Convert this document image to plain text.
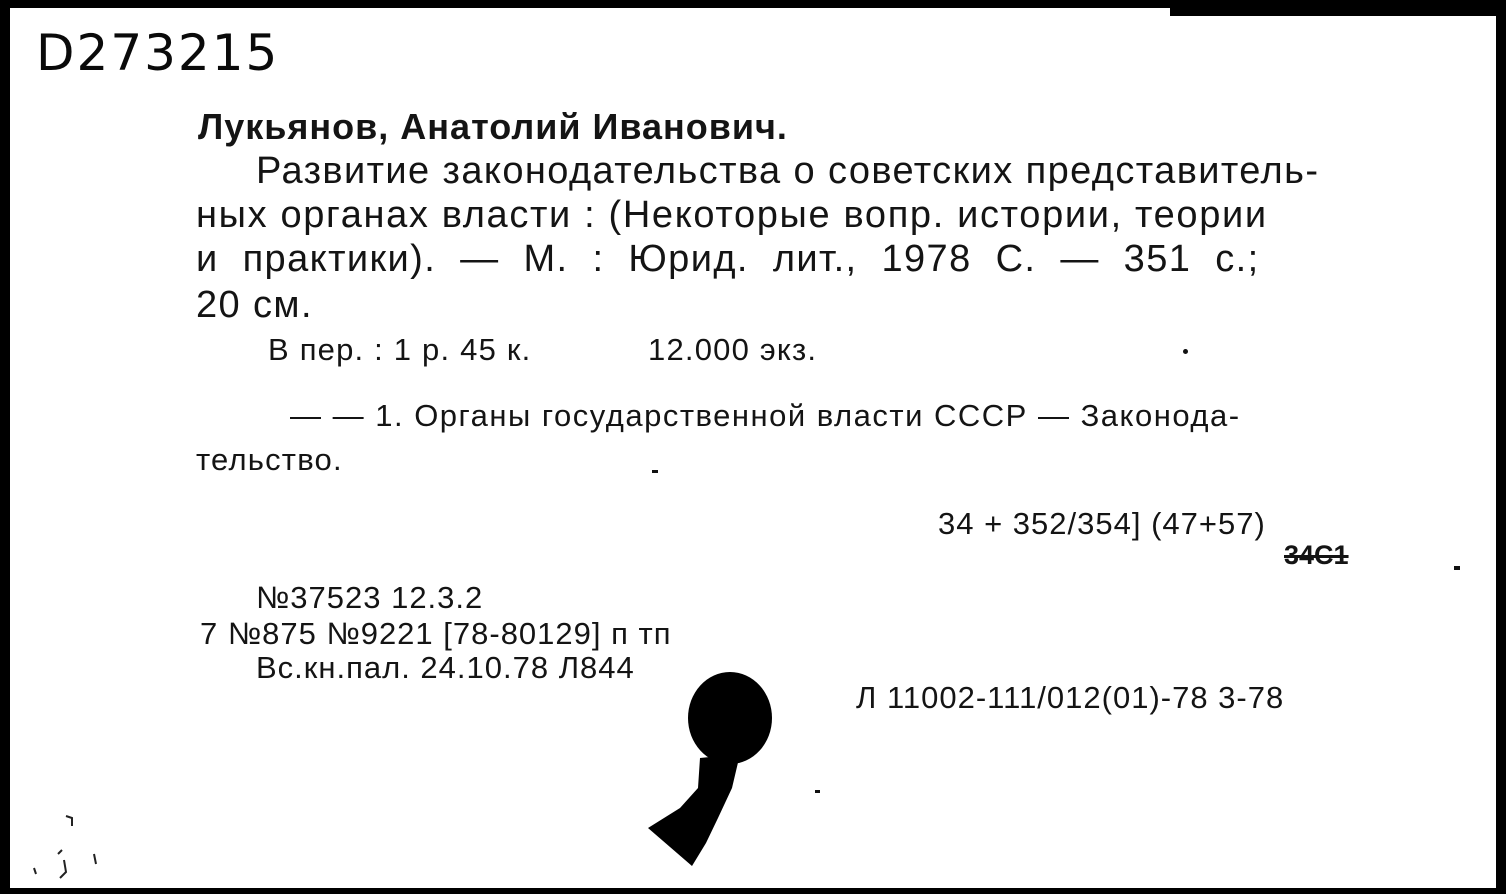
D273215
Лукьянов, Анатолий Иванович.
Развитие законодательства о советских представитель-
ных органах власти : (Некоторые вопр. истории, теории
и практики). — М. : Юрид. лит., 1978 С. — 351 с.;
20 см.
В пер. : 1 р. 45 к.	12.000 экз.
— — 1. Органы государственной власти СССР — Законода-
тельство.
34 + 352/354] (47+57)
34С1
№37523 12.3.2
7 №875 №9221 [78-80129] п тп
Вс.кн.пал. 24.10.78 Л844
Л 11002-111/012(01)-78 3-78
